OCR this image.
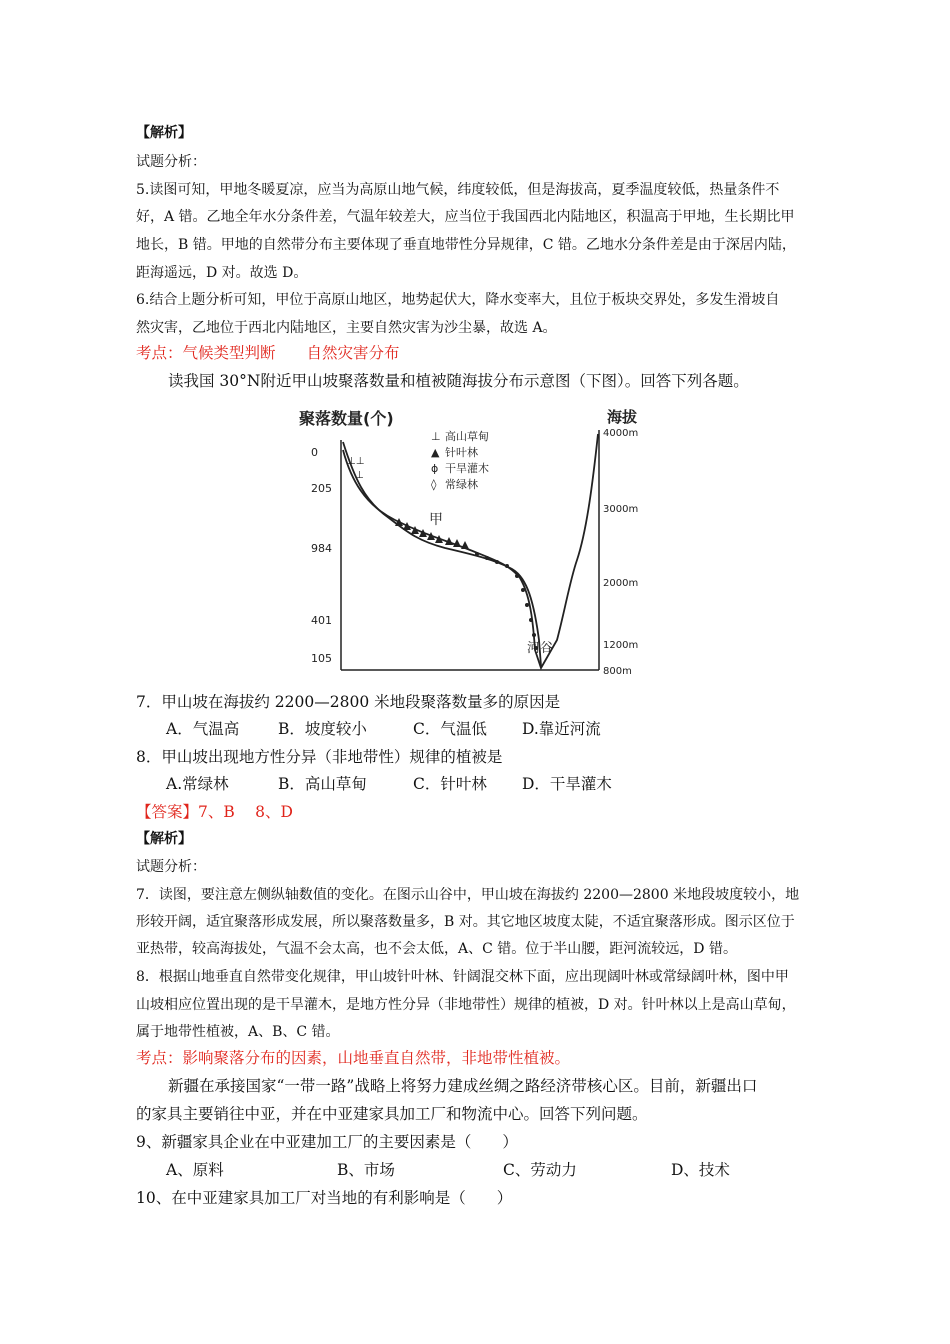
【解析】
试题分析：
5.读图可知，甲地冬暖夏凉，应当为高原山地气候，纬度较低，但是海拔高，夏季温度较低，热量条件不
好，A 错。乙地全年水分条件差，气温年较差大，应当位于我国西北内陆地区，积温高于甲地，生长期比甲
地长，B 错。甲地的自然带分布主要体现了垂直地带性分异规律，C 错。乙地水分条件差是由于深居内陆，
距海遥远，D 对。故选 D。
6.结合上题分析可知，甲位于高原山地区，地势起伏大，降水变率大，且位于板块交界处，多发生滑坡自
然灾害，乙地位于西北内陆地区，主要自然灾害为沙尘暴，故选 A。
考点：气候类型判断　　自然灾害分布
读我国 30°N附近甲山坡聚落数量和植被随海拔分布示意图（下图）。回答下列各题。
聚落数量(个)	海拔
0
205
984
401
105
4000m
3000m
2000m
1200m
800m
⊥⊥
⊥
⊥ 高山草甸
▲ 针叶林
ɸ 干旱灌木
◊ 常绿林
甲
河谷
7．甲山坡在海拔约 2200—2800 米地段聚落数量多的原因是
A．气温高	B．坡度较小	C．气温低 D.靠近河流
8．甲山坡出现地方性分异（非地带性）规律的植被是
A.常绿林	B．高山草甸	C．针叶林 D．干旱灌木
【答案】7、B　 8、D
【解析】
试题分析：
7．读图，要注意左侧纵轴数值的变化。在图示山谷中，甲山坡在海拔约 2200—2800 米地段坡度较小，地
形较开阔，适宜聚落形成发展，所以聚落数量多，B 对。其它地区坡度太陡，不适宜聚落形成。图示区位于
亚热带，较高海拔处，气温不会太高，也不会太低，A、C 错。位于半山腰，距河流较远，D 错。
8．根据山地垂直自然带变化规律，甲山坡针叶林、针阔混交林下面，应出现阔叶林或常绿阔叶林，图中甲
山坡相应位置出现的是干旱灌木，是地方性分异（非地带性）规律的植被，D 对。针叶林以上是高山草甸，
属于地带性植被，A、B、C 错。
考点：影响聚落分布的因素，山地垂直自然带，非地带性植被。
新疆在承接国家“一带一路”战略上将努力建成丝绸之路经济带核心区。目前，新疆出口
的家具主要销往中亚，并在中亚建家具加工厂和物流中心。回答下列问题。
9、新疆家具企业在中亚建加工厂的主要因素是（　　）
A、原料	B、市场	C、劳动力	D、技术
10、在中亚建家具加工厂对当地的有利影响是（　　）
